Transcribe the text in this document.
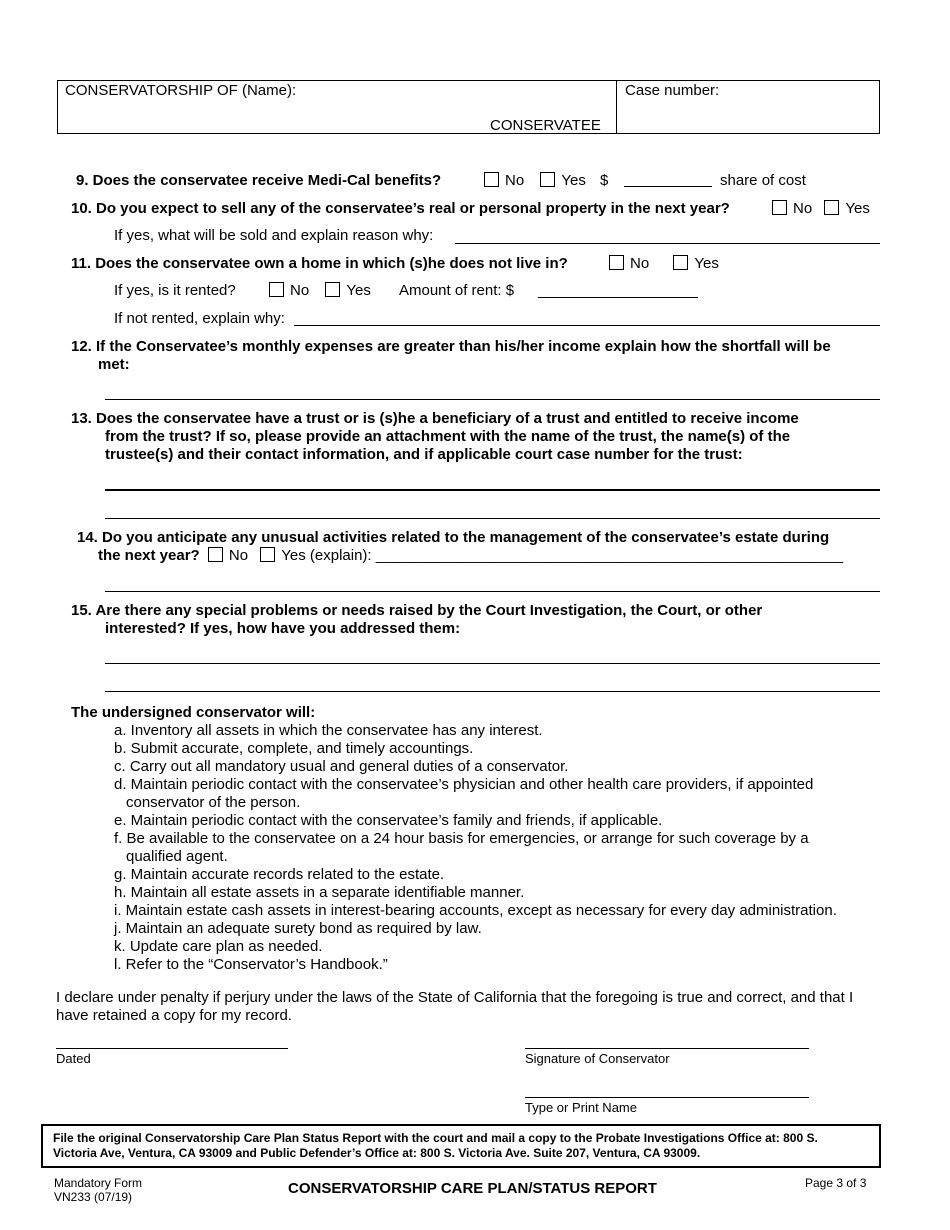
CONSERVATORSHIP OF (Name):
CONSERVATEE
Case number:
9. Does the conservatee receive Medi-Cal benefits?	No Yes $	share of cost
10. Do you expect to sell any of the conservatee’s real or personal property in the next year?	No Yes
If yes, what will be sold and explain reason why:
11. Does the conservatee own a home in which (s)he does not live in?	No	Yes
If yes, is it rented?	No Yes Amount of rent: $
If not rented, explain why:
12. If the Conservatee’s monthly expenses are greater than his/her income explain how the shortfall will be
met:
13. Does the conservatee have a trust or is (s)he a beneficiary of a trust and entitled to receive income
from the trust? If so, please provide an attachment with the name of the trust, the name(s) of the
trustee(s) and their contact information, and if applicable court case number for the trust:
14. Do you anticipate any unusual activities related to the management of the conservatee’s estate during
the next year? No Yes (explain): ________________________________________________________
15. Are there any special problems or needs raised by the Court Investigation, the Court, or other
interested? If yes, how have you addressed them:
The undersigned conservator will:
a. Inventory all assets in which the conservatee has any interest.
b. Submit accurate, complete, and timely accountings.
c. Carry out all mandatory usual and general duties of a conservator.
d. Maintain periodic contact with the conservatee’s physician and other health care providers, if appointed
conservator of the person.
e. Maintain periodic contact with the conservatee’s family and friends, if applicable.
f. Be available to the conservatee on a 24 hour basis for emergencies, or arrange for such coverage by a
qualified agent.
g. Maintain accurate records related to the estate.
h. Maintain all estate assets in a separate identifiable manner.
i. Maintain estate cash assets in interest-bearing accounts, except as necessary for every day administration.
j. Maintain an adequate surety bond as required by law.
k. Update care plan as needed.
l. Refer to the “Conservator’s Handbook.”
I declare under penalty if perjury under the laws of the State of California that the foregoing is true and correct, and that I
have retained a copy for my record.
Dated	Signature of Conservator
Type or Print Name
File the original Conservatorship Care Plan Status Report with the court and mail a copy to the Probate Investigations Office at: 800 S.
Victoria Ave, Ventura, CA 93009 and Public Defender’s Office at: 800 S. Victoria Ave. Suite 207, Ventura, CA 93009.
Mandatory Form
VN233 (07/19)	CONSERVATORSHIP CARE PLAN/STATUS REPORT	Page 3 of 3
